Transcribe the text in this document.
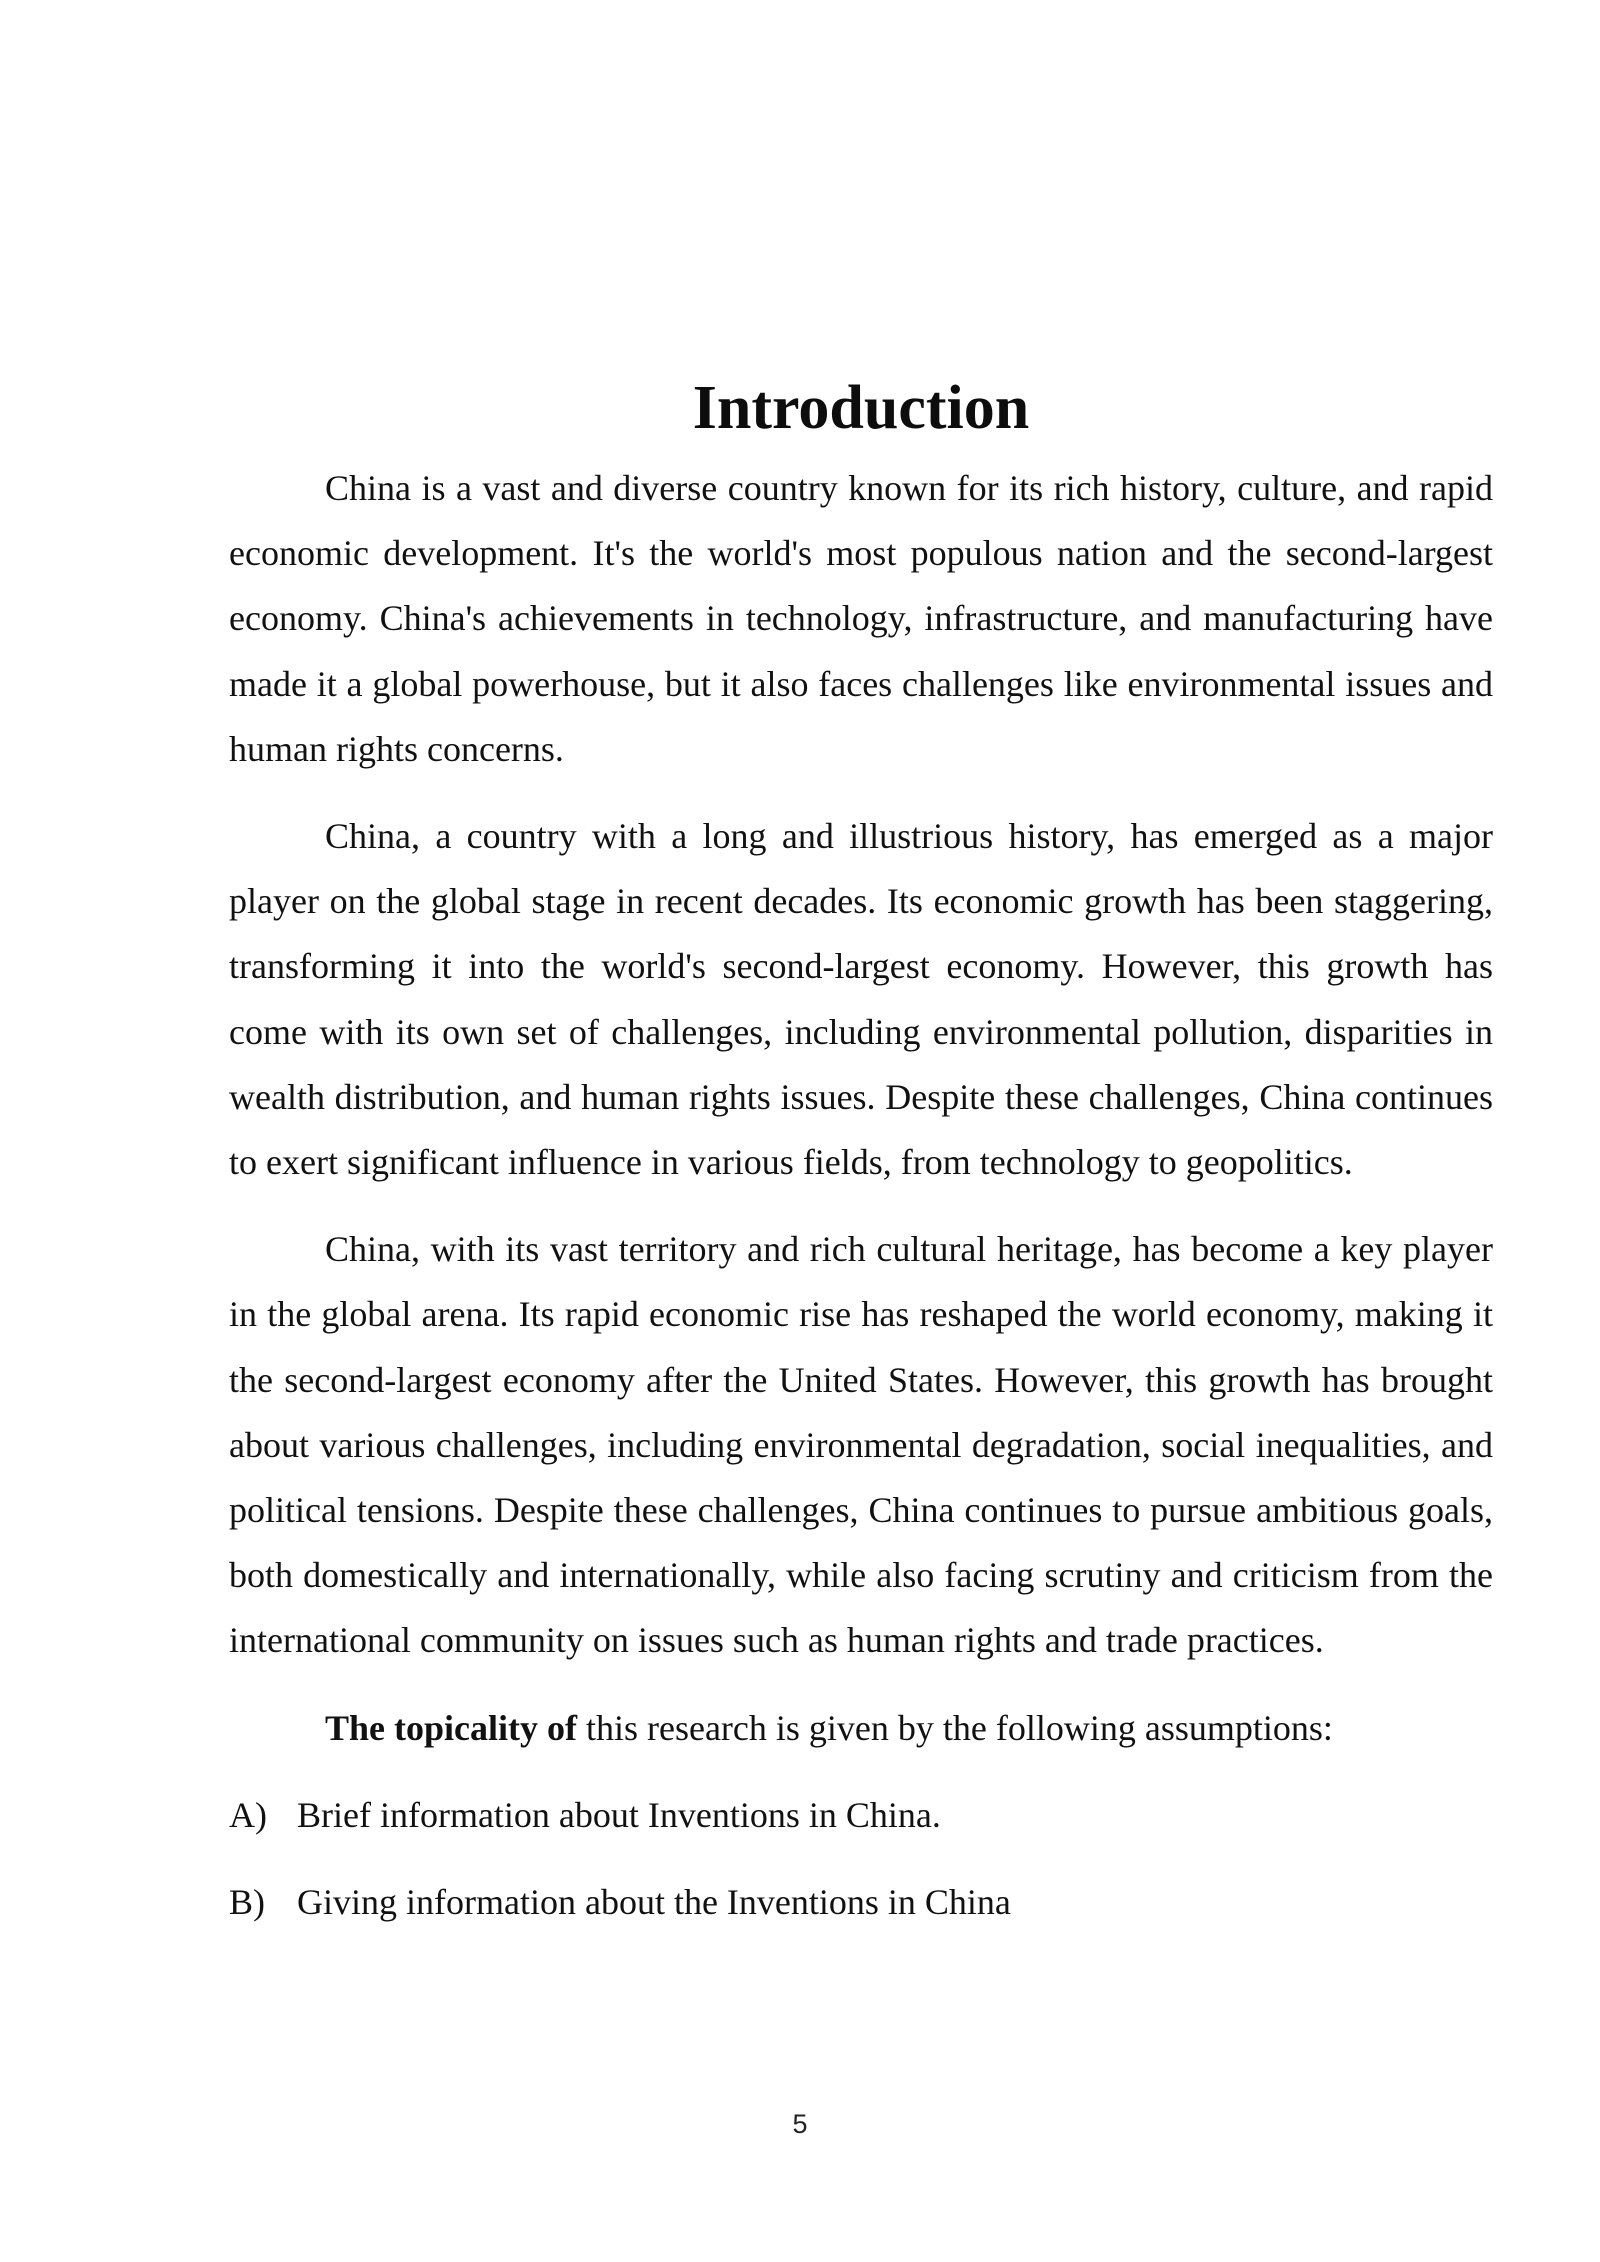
Introduction

China is a vast and diverse country known for its rich history, culture, and rapid economic development. It's the world's most populous nation and the second-largest economy. China's achievements in technology, infrastructure, and manufacturing have made it a global powerhouse, but it also faces challenges like environmental issues and human rights concerns.

China, a country with a long and illustrious history, has emerged as a major player on the global stage in recent decades. Its economic growth has been staggering, transforming it into the world's second-largest economy. However, this growth has come with its own set of challenges, including environmental pollution, disparities in wealth distribution, and human rights issues. Despite these challenges, China continues to exert significant influence in various fields, from technology to geopolitics.

China, with its vast territory and rich cultural heritage, has become a key player in the global arena. Its rapid economic rise has reshaped the world economy, making it the second-largest economy after the United States. However, this growth has brought about various challenges, including environmental degradation, social inequalities, and political tensions. Despite these challenges, China continues to pursue ambitious goals, both domestically and internationally, while also facing scrutiny and criticism from the international community on issues such as human rights and trade practices.

The topicality of this research is given by the following assumptions:

A) Brief information about Inventions in China.
B) Giving information about the Inventions in China
5
